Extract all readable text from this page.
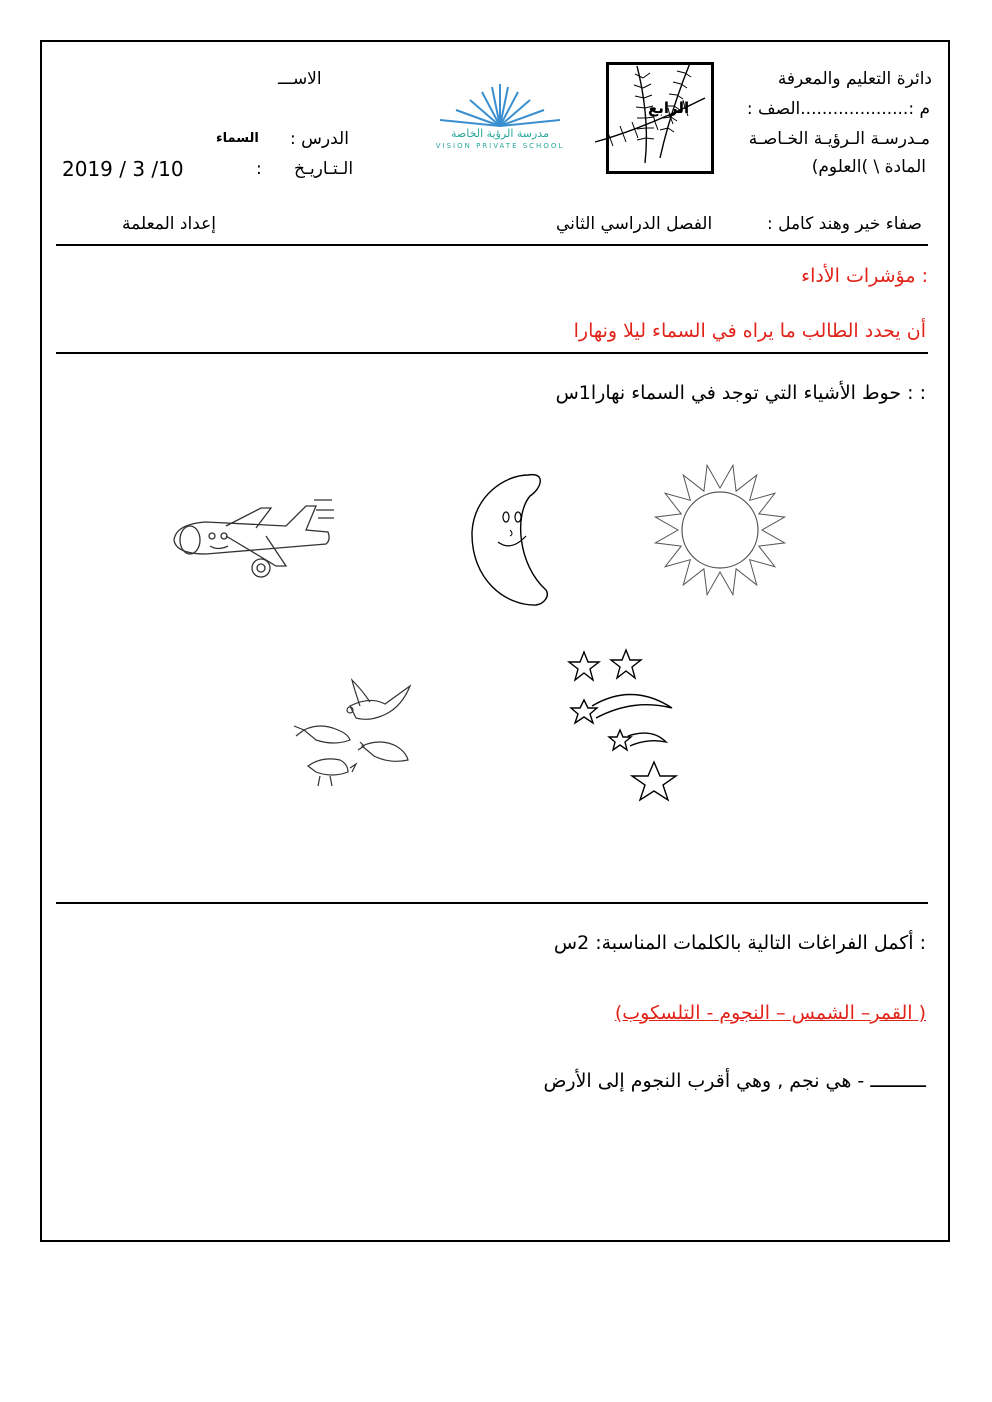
دائرة التعليم والمعرفة
الاســـ
م :....................الصف :
مـدرسـة الـرؤيـة الخـاصـة
الدرس :
السماء
المادة \ )العلوم)
الـتـاريـخ
:
2019 / 3 /10
مدرسة الرؤية الخاصة
VISION PRIVATE SCHOOL
الرابع
صفاء خير وهند كامل :
الفصل الدراسي الثاني
إعداد المعلمة
: مؤشرات الأداء
أن يحدد الطالب ما يراه في السماء ليلا ونهارا
: : حوط الأشياء التي توجد في السماء نهارا1س
: أكمل الفراغات التالية بالكلمات المناسبة: 2س
( القمر– الشمس – النجوم - التلسكوب)
ــــــــــ - هي نجم , وهي أقرب النجوم إلى الأرض
